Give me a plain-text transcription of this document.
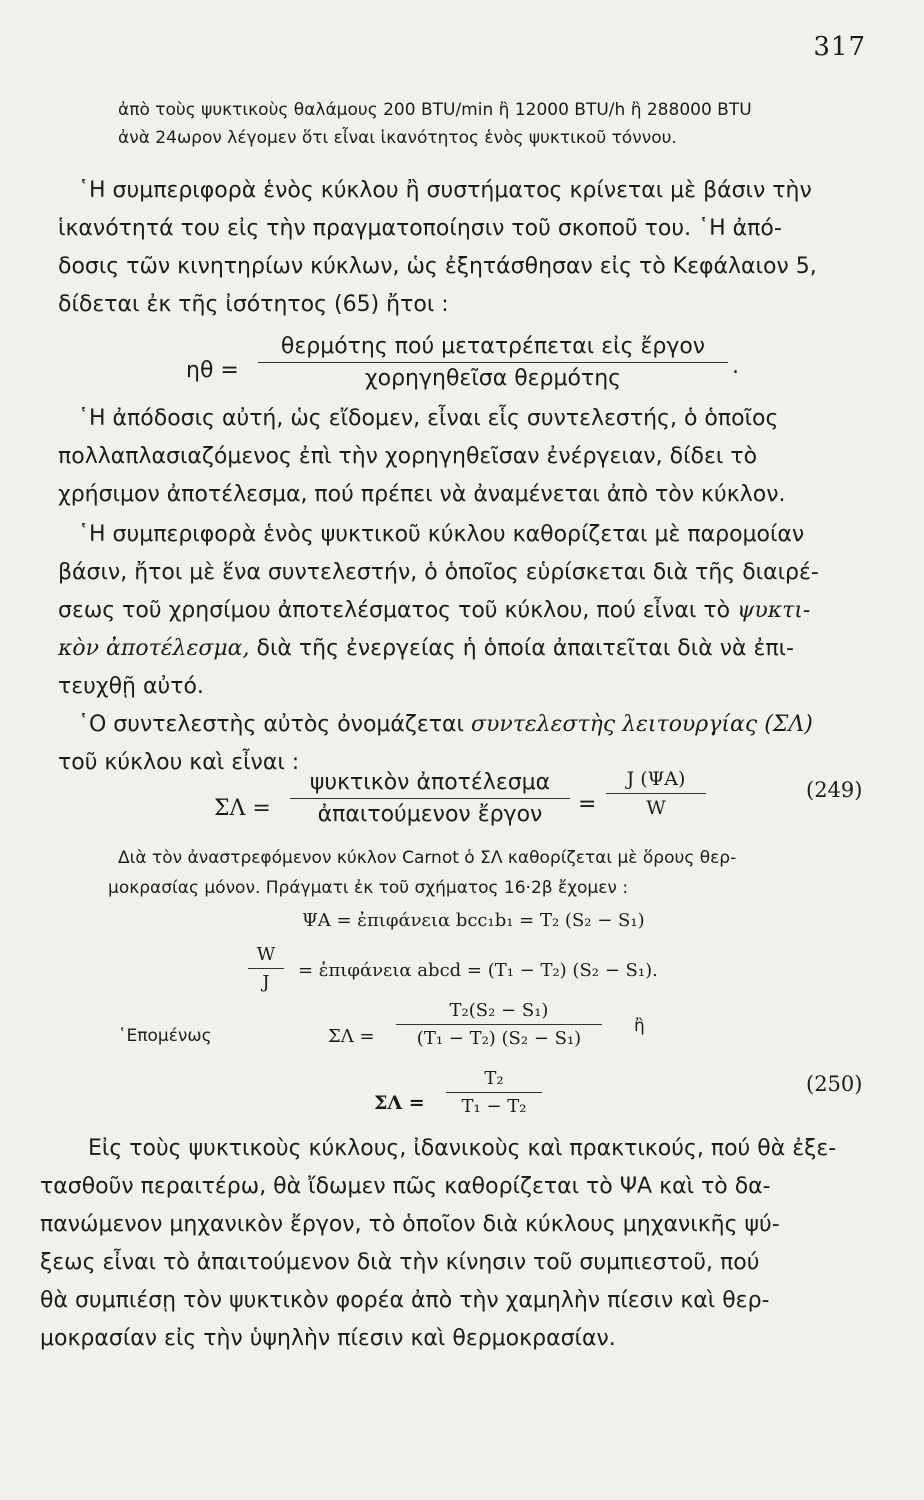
317
ἀπὸ τοὺς ψυκτικοὺς θαλάμους 200 BTU/min ἢ 12000 BTU/h ἢ 288000 BTU
ἀνὰ 24ωρον λέγομεν ὅτι εἶναι ἱκανότητος ἑνὸς ψυκτικοῦ τόννου.
῾Η συμπεριφορὰ ἑνὸς κύκλου ἢ συστήματος κρίνεται μὲ βάσιν τὴν
ἱκανότητά του εἰς τὴν πραγματοποίησιν τοῦ σκοποῦ του. ῾Η ἀπό-
δοσις τῶν κινητηρίων κύκλων, ὡς ἐξητάσθησαν εἰς τὸ Κεφάλαιον 5,
δίδεται ἐκ τῆς ἰσότητος (65) ἤτοι :
ηθ =
θερμότης πού μετατρέπεται εἰς ἔργον
χορηγηθεῖσα θερμότης	.
῾Η ἀπόδοσις αὐτή, ὡς εἴδομεν, εἶναι εἷς συντελεστής, ὁ ὁποῖος
πολλαπλασιαζόμενος ἐπὶ τὴν χορηγηθεῖσαν ἐνέργειαν, δίδει τὸ
χρήσιμον ἀποτέλεσμα, πού πρέπει νὰ ἀναμένεται ἀπὸ τὸν κύκλον.
῾Η συμπεριφορὰ ἑνὸς ψυκτικοῦ κύκλου καθορίζεται μὲ παρομοίαν
βάσιν, ἤτοι μὲ ἕνα συντελεστήν, ὁ ὁποῖος εὑρίσκεται διὰ τῆς διαιρέ-
σεως τοῦ χρησίμου ἀποτελέσματος τοῦ κύκλου, πού εἶναι τὸ ψυκτι-
κὸν ἀποτέλεσμα, διὰ τῆς ἐνεργείας ἡ ὁποία ἀπαιτεῖται διὰ νὰ ἐπι-
τευχθῇ αὐτό.
῾Ο συντελεστὴς αὐτὸς ὀνομάζεται συντελεστὴς λειτουργίας (ΣΛ)
τοῦ κύκλου καὶ εἶναι :
ΣΛ =
ψυκτικὸν ἀποτέλεσμα
ἀπαιτούμενον ἔργον	=
J (ΨΑ)
W
(249)
Διὰ τὸν ἀναστρεφόμενον κύκλον Carnot ὁ ΣΛ καθορίζεται μὲ ὅρους θερ-
μοκρασίας μόνον. Πράγματι ἐκ τοῦ σχήματος 16·2β ἔχομεν :
ΨΑ = ἐπιφάνεια bcc₁b₁ = T₂ (S₂ − S₁)
W
J
= ἐπιφάνεια abcd = (T₁ − T₂) (S₂ − S₁).
῾Επομένως	ΣΛ =
T₂(S₂ − S₁)
(T₁ − T₂) (S₂ − S₁)
ἢ
ΣΛ =
T₂
T₁ − T₂
(250)
Εἰς τοὺς ψυκτικοὺς κύκλους, ἰδανικοὺς καὶ πρακτικούς, πού θὰ ἐξε-
τασθοῦν περαιτέρω, θὰ ἴδωμεν πῶς καθορίζεται τὸ ΨΑ καὶ τὸ δα-
πανώμενον μηχανικὸν ἔργον, τὸ ὁποῖον διὰ κύκλους μηχανικῆς ψύ-
ξεως εἶναι τὸ ἀπαιτούμενον διὰ τὴν κίνησιν τοῦ συμπιεστοῦ, πού
θὰ συμπιέσῃ τὸν ψυκτικὸν φορέα ἀπὸ τὴν χαμηλὴν πίεσιν καὶ θερ-
μοκρασίαν εἰς τὴν ὑψηλὴν πίεσιν καὶ θερμοκρασίαν.
